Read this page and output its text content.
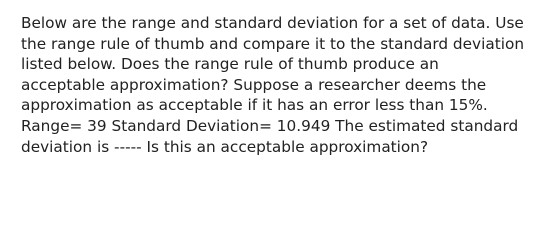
Below are the range and standard deviation for a set of data. Use
the range rule of thumb and compare it to the standard deviation
listed below. Does the range rule of thumb produce an
acceptable approximation? Suppose a researcher deems the
approximation as acceptable if it has an error less than 15%.
Range= 39 Standard Deviation= 10.949 The estimated standard
deviation is ----- Is this an acceptable approximation?
